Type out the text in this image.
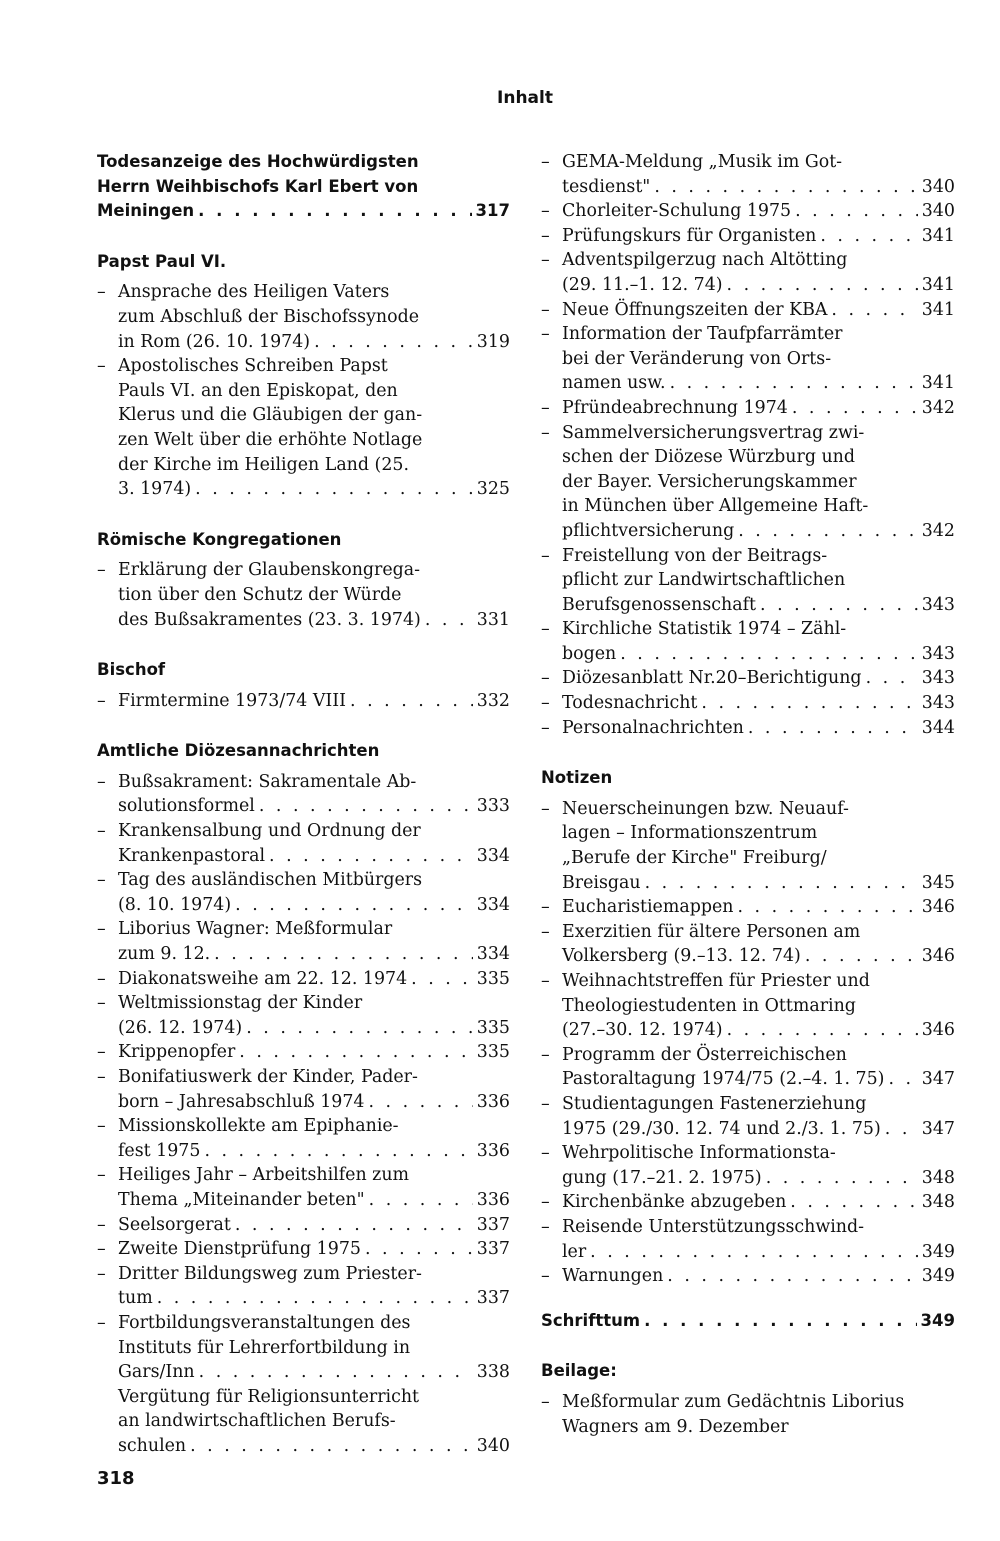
Inhalt
Todesanzeige des Hochwürdigsten
Herrn Weihbischofs Karl Ebert von
Meiningen . . .	317
Papst Paul VI.
– Ansprache des Heiligen Vaters
zum Abschluß der Bischofssynode
in Rom (26. 10. 1974) . . .	319
– Apostolisches Schreiben Papst
Pauls VI. an den Episkopat, den
Klerus und die Gläubigen der gan-
zen Welt über die erhöhte Notlage
der Kirche im Heiligen Land (25.
3. 1974) . . .	325
Römische Kongregationen
– Erklärung der Glaubenskongrega-
tion über den Schutz der Würde
des Bußsakramentes (23. 3. 1974) . . .	331
Bischof
– Firmtermine 1973/74 VIII . . .	332
Amtliche Diözesannachrichten
– Bußsakrament: Sakramentale Ab-
solutionsformel . . .	333
– Krankensalbung und Ordnung der
Krankenpastoral . . .	334
– Tag des ausländischen Mitbürgers
(8. 10. 1974) . . .	334
– Liborius Wagner: Meßformular
zum 9. 12. . . .	334
– Diakonatsweihe am 22. 12. 1974 . . .	335
– Weltmissionstag der Kinder
(26. 12. 1974) . . .	335
– Krippenopfer . . .	335
– Bonifatiuswerk der Kinder, Pader-
born – Jahresabschluß 1974 . . .	336
– Missionskollekte am Epiphanie-
fest 1975 . . .	336
– Heiliges Jahr – Arbeitshilfen zum
Thema „Miteinander beten" . . .	336
– Seelsorgerat . . .	337
– Zweite Dienstprüfung 1975 . . .	337
– Dritter Bildungsweg zum Priester-
tum . . .	337
– Fortbildungsveranstaltungen des
Instituts für Lehrerfortbildung in
Gars/Inn . . .	338
Vergütung für Religionsunterricht
an landwirtschaftlichen Berufs-
schulen . . .	340
– GEMA-Meldung „Musik im Got-
tesdienst" . . .	340
– Chorleiter-Schulung 1975 . . .	340
– Prüfungskurs für Organisten . . .	341
– Adventspilgerzug nach Altötting
(29. 11.–1. 12. 74) . . .	341
– Neue Öffnungszeiten der KBA . . .	341
– Information der Taufpfarrämter
bei der Veränderung von Orts-
namen usw. . . .	341
– Pfründeabrechnung 1974 . . .	342
– Sammelversicherungsvertrag zwi-
schen der Diözese Würzburg und
der Bayer. Versicherungskammer
in München über Allgemeine Haft-
pflichtversicherung . . .	342
– Freistellung von der Beitrags-
pflicht zur Landwirtschaftlichen
Berufsgenossenschaft . . .	343
– Kirchliche Statistik 1974 – Zähl-
bogen . . .	343
– Diözesanblatt Nr.20–Berichtigung . . .	343
– Todesnachricht . . .	343
– Personalnachrichten . . .	344
Notizen
– Neuerscheinungen bzw. Neuauf-
lagen – Informationszentrum
„Berufe der Kirche" Freiburg/
Breisgau . . .	345
– Eucharistiemappen . . .	346
– Exerzitien für ältere Personen am
Volkersberg (9.–13. 12. 74) . . .	346
– Weihnachtstreffen für Priester und
Theologiestudenten in Ottmaring
(27.–30. 12. 1974) . . .	346
– Programm der Österreichischen
Pastoraltagung 1974/75 (2.–4. 1. 75) . . . 347
– Studientagungen Fastenerziehung
1975 (29./30. 12. 74 und 2./3. 1. 75) . . . 347
– Wehrpolitische Informationsta-
gung (17.–21. 2. 1975) . . .	348
– Kirchenbänke abzugeben . . .	348
– Reisende Unterstützungsschwind-
ler . . .	349
– Warnungen . . .	349
Schrifttum . . .	349
Beilage:
– Meßformular zum Gedächtnis Liborius
Wagners am 9. Dezember
318
